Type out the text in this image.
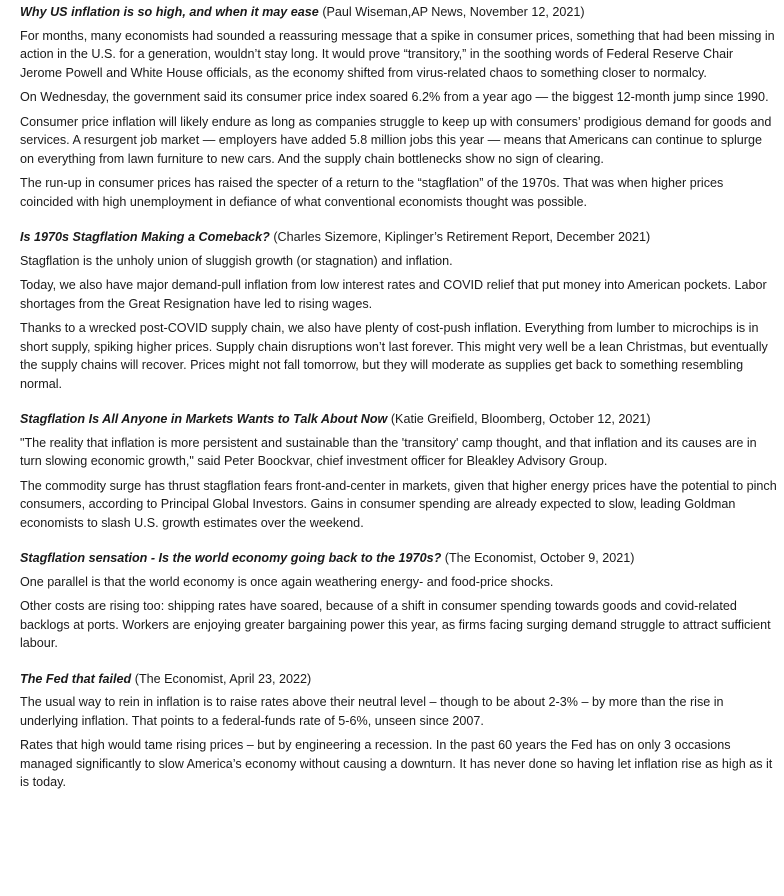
Why US inflation is so high, and when it may ease (Paul Wiseman,AP News, November 12, 2021)

For months, many economists had sounded a reassuring message that a spike in consumer prices, something that had been missing in action in the U.S. for a generation, wouldn’t stay long. It would prove “transitory,” in the soothing words of Federal Reserve Chair Jerome Powell and White House officials, as the economy shifted from virus-related chaos to something closer to normalcy.

On Wednesday, the government said its consumer price index soared 6.2% from a year ago — the biggest 12-month jump since 1990.

Consumer price inflation will likely endure as long as companies struggle to keep up with consumers’ prodigious demand for goods and services. A resurgent job market — employers have added 5.8 million jobs this year — means that Americans can continue to splurge on everything from lawn furniture to new cars. And the supply chain bottlenecks show no sign of clearing.

The run-up in consumer prices has raised the specter of a return to the “stagflation” of the 1970s. That was when higher prices coincided with high unemployment in defiance of what conventional economists thought was possible.

Is 1970s Stagflation Making a Comeback? (Charles Sizemore, Kiplinger’s Retirement Report, December 2021)

Stagflation is the unholy union of sluggish growth (or stagnation) and inflation.

Today, we also have major demand-pull inflation from low interest rates and COVID relief that put money into American pockets. Labor shortages from the Great Resignation have led to rising wages.

Thanks to a wrecked post-COVID supply chain, we also have plenty of cost-push inflation. Everything from lumber to microchips is in short supply, spiking higher prices. Supply chain disruptions won’t last forever. This might very well be a lean Christmas, but eventually the supply chains will recover. Prices might not fall tomorrow, but they will moderate as supplies get back to something resembling normal.

Stagflation Is All Anyone in Markets Wants to Talk About Now (Katie Greifield, Bloomberg, October 12, 2021)

"The reality that inflation is more persistent and sustainable than the 'transitory' camp thought, and that inflation and its causes are in turn slowing economic growth," said Peter Boockvar, chief investment officer for Bleakley Advisory Group.

The commodity surge has thrust stagflation fears front-and-center in markets, given that higher energy prices have the potential to pinch consumers, according to Principal Global Investors. Gains in consumer spending are already expected to slow, leading Goldman economists to slash U.S. growth estimates over the weekend.

Stagflation sensation - Is the world economy going back to the 1970s? (The Economist, October 9, 2021)

One parallel is that the world economy is once again weathering energy- and food-price shocks.

Other costs are rising too: shipping rates have soared, because of a shift in consumer spending towards goods and covid-related backlogs at ports. Workers are enjoying greater bargaining power this year, as firms facing surging demand struggle to attract sufficient labour.

The Fed that failed (The Economist, April 23, 2022)

The usual way to rein in inflation is to raise rates above their neutral level – though to be about 2-3% – by more than the rise in underlying inflation. That points to a federal-funds rate of 5-6%, unseen since 2007.

Rates that high would tame rising prices – but by engineering a recession. In the past 60 years the Fed has on only 3 occasions managed significantly to slow America’s economy without causing a downturn. It has never done so having let inflation rise as high as it is today.
